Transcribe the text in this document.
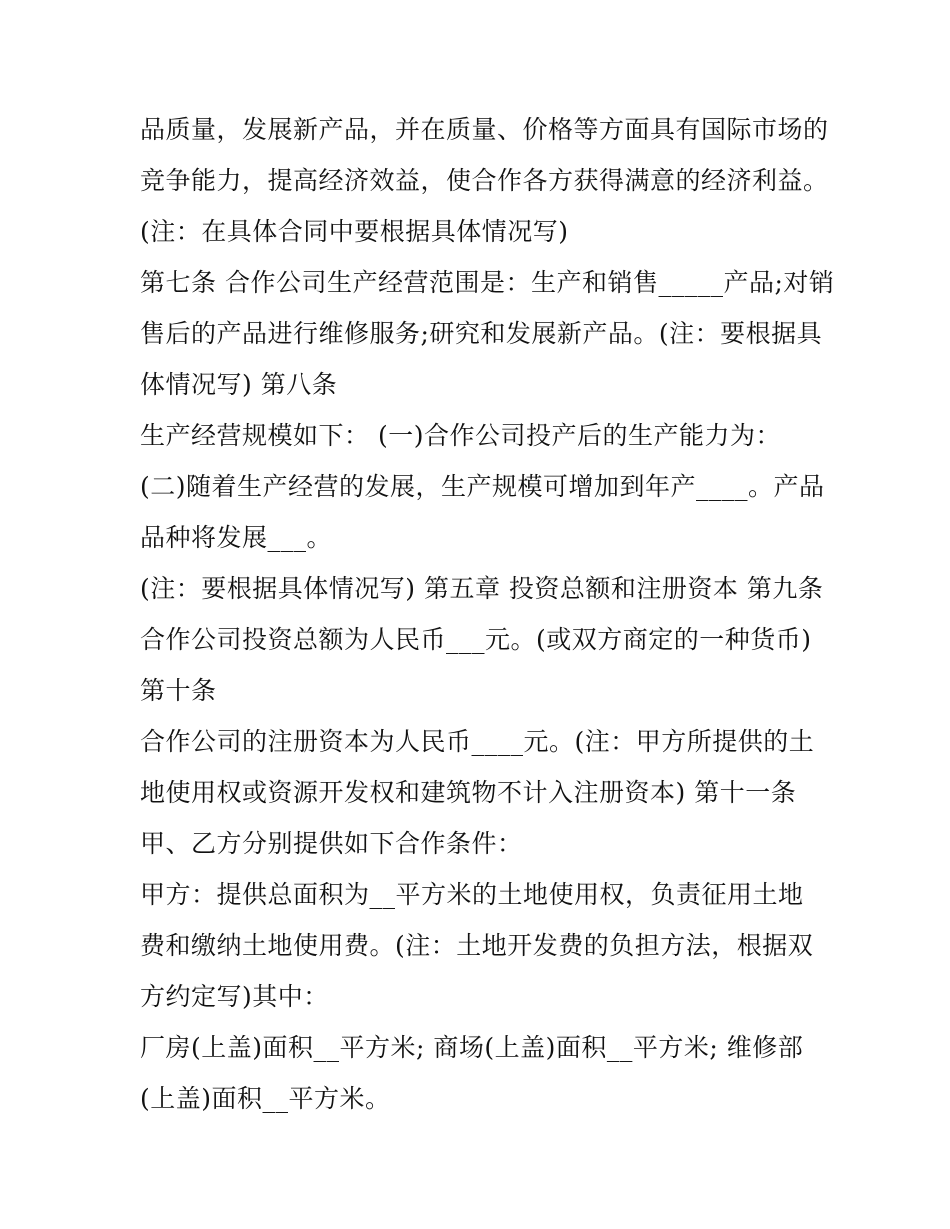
品质量，发展新产品，并在质量、价格等方面具有国际市场的
竞争能力，提高经济效益，使合作各方获得满意的经济利益。
(注：在具体合同中要根据具体情况写)
第七条 合作公司生产经营范围是：生产和销售_____产品;对销
售后的产品进行维修服务;研究和发展新产品。(注：要根据具
体情况写) 第八条
生产经营规模如下： (一)合作公司投产后的生产能力为：
(二)随着生产经营的发展，生产规模可增加到年产____。产品
品种将发展___。
(注：要根据具体情况写) 第五章 投资总额和注册资本 第九条
合作公司投资总额为人民币___元。(或双方商定的一种货币)
第十条
合作公司的注册资本为人民币____元。(注：甲方所提供的土
地使用权或资源开发权和建筑物不计入注册资本) 第十一条
甲、乙方分别提供如下合作条件：
甲方：提供总面积为__平方米的土地使用权，负责征用土地
费和缴纳土地使用费。(注：土地开发费的负担方法，根据双
方约定写)其中：
厂房(上盖)面积__平方米; 商场(上盖)面积__平方米; 维修部
(上盖)面积__平方米。
